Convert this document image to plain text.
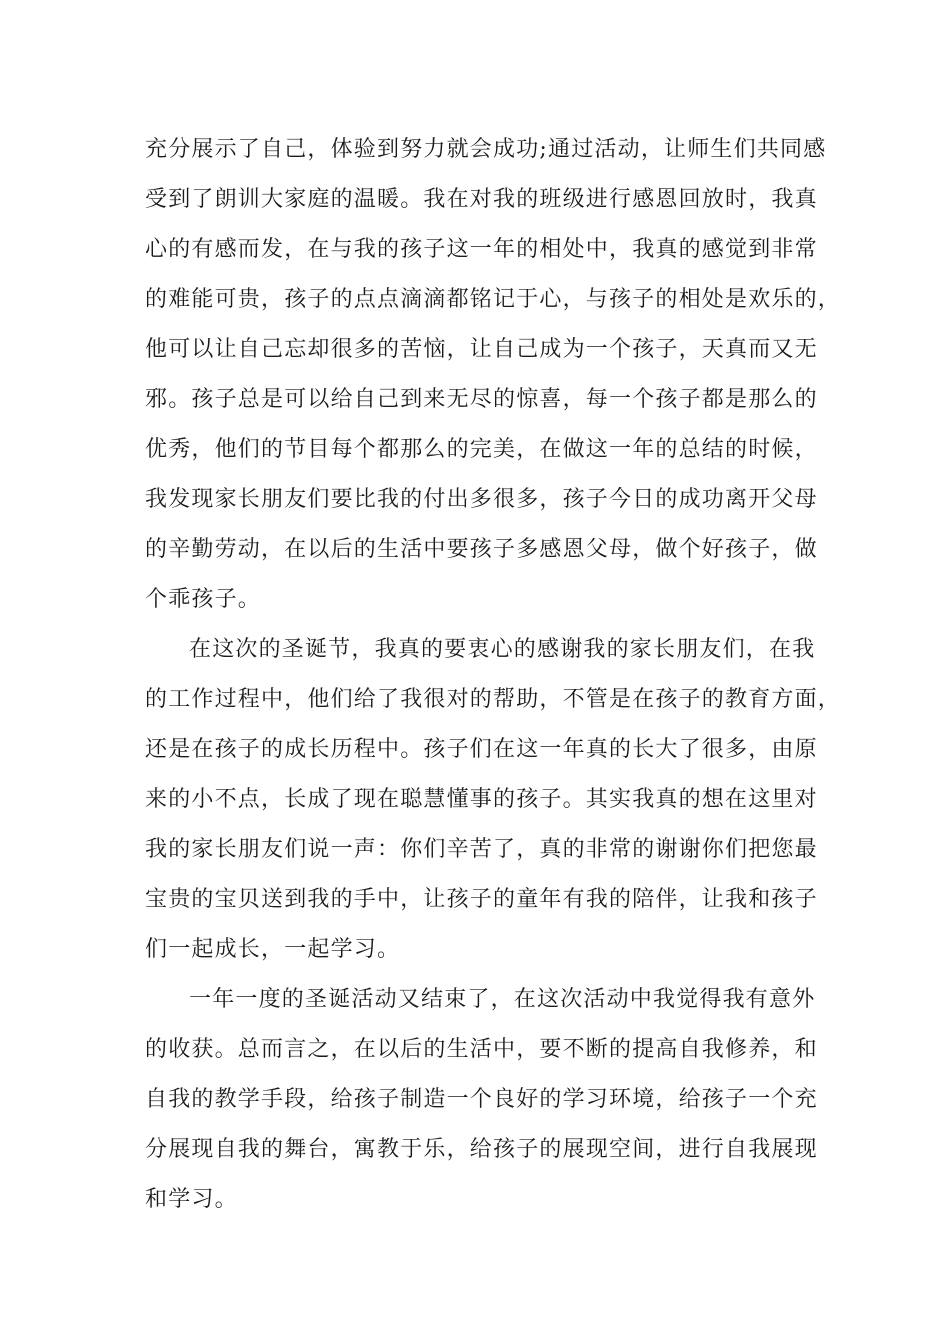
充分展示了自己，体验到努力就会成功;通过活动，让师生们共同感
受到了朗训大家庭的温暖。我在对我的班级进行感恩回放时，我真
心的有感而发，在与我的孩子这一年的相处中，我真的感觉到非常
的难能可贵，孩子的点点滴滴都铭记于心，与孩子的相处是欢乐的，
他可以让自己忘却很多的苦恼，让自己成为一个孩子，天真而又无
邪。孩子总是可以给自己到来无尽的惊喜，每一个孩子都是那么的
优秀，他们的节目每个都那么的完美，在做这一年的总结的时候，
我发现家长朋友们要比我的付出多很多，孩子今日的成功离开父母
的辛勤劳动，在以后的生活中要孩子多感恩父母，做个好孩子，做
个乖孩子。
在这次的圣诞节，我真的要衷心的感谢我的家长朋友们，在我
的工作过程中，他们给了我很对的帮助，不管是在孩子的教育方面，
还是在孩子的成长历程中。孩子们在这一年真的长大了很多，由原
来的小不点，长成了现在聪慧懂事的孩子。其实我真的想在这里对
我的家长朋友们说一声：你们辛苦了，真的非常的谢谢你们把您最
宝贵的宝贝送到我的手中，让孩子的童年有我的陪伴，让我和孩子
们一起成长，一起学习。
一年一度的圣诞活动又结束了，在这次活动中我觉得我有意外
的收获。总而言之，在以后的生活中，要不断的提高自我修养，和
自我的教学手段，给孩子制造一个良好的学习环境，给孩子一个充
分展现自我的舞台，寓教于乐，给孩子的展现空间，进行自我展现
和学习。
